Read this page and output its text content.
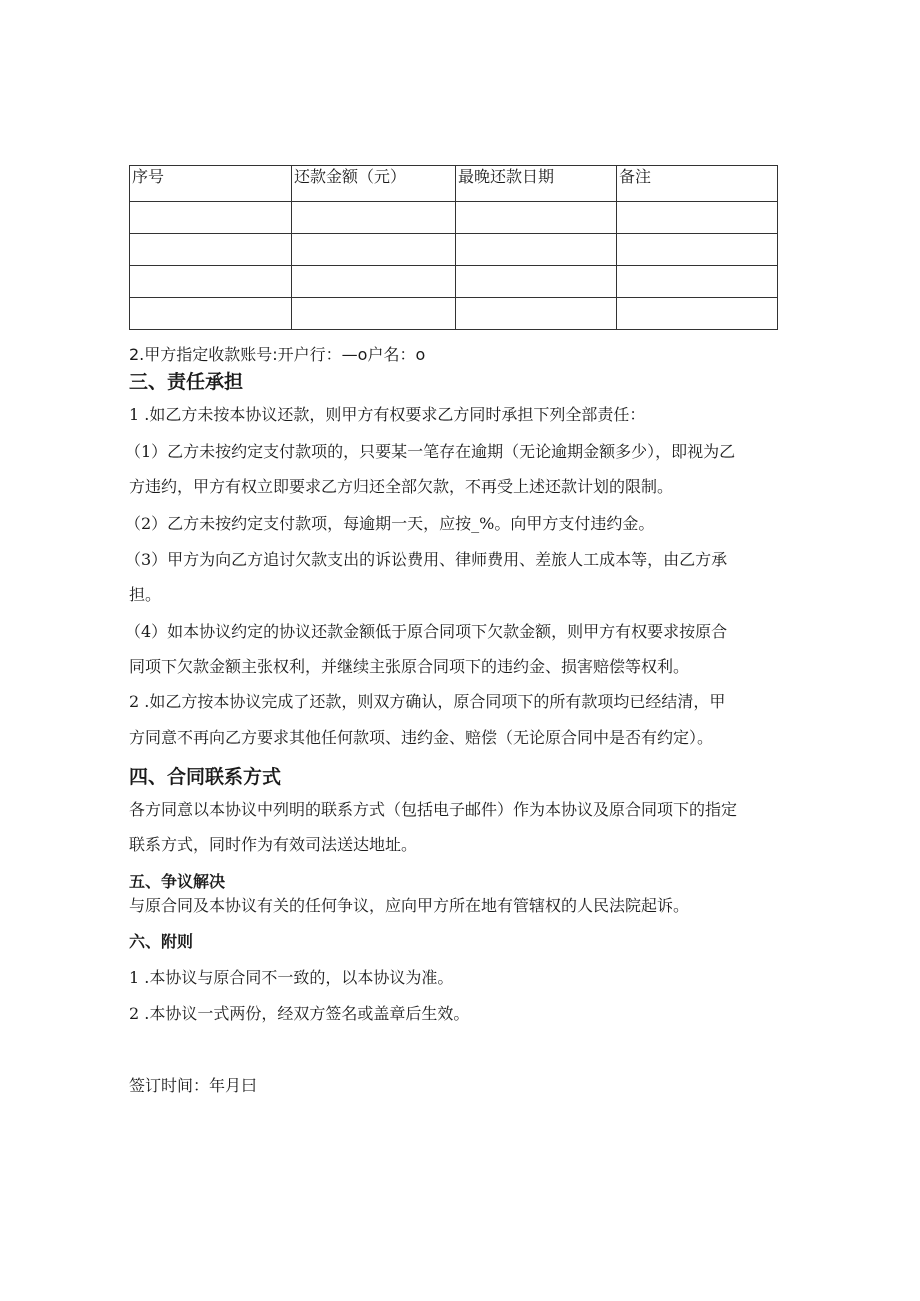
序号	还款金额（元）	最晚还款日期	备注

2.甲方指定收款账号:开户行：—o户名：o
三、责任承担
1 .如乙方未按本协议还款，则甲方有权要求乙方同时承担下列全部责任：
（1）乙方未按约定支付款项的，只要某一笔存在逾期（无论逾期金额多少），即视为乙
方违约，甲方有权立即要求乙方归还全部欠款，不再受上述还款计划的限制。
（2）乙方未按约定支付款项，每逾期一天，应按_%。向甲方支付违约金。
（3）甲方为向乙方追讨欠款支出的诉讼费用、律师费用、差旅人工成本等，由乙方承
担。
（4）如本协议约定的协议还款金额低于原合同项下欠款金额，则甲方有权要求按原合
同项下欠款金额主张权利，并继续主张原合同项下的违约金、损害赔偿等权利。
2 .如乙方按本协议完成了还款，则双方确认，原合同项下的所有款项均已经结清，甲
方同意不再向乙方要求其他任何款项、违约金、赔偿（无论原合同中是否有约定）。
四、合同联系方式
各方同意以本协议中列明的联系方式（包括电子邮件）作为本协议及原合同项下的指定
联系方式，同时作为有效司法送达地址。
五、争议解决
与原合同及本协议有关的任何争议，应向甲方所在地有管辖权的人民法院起诉。
六、附则
1 .本协议与原合同不一致的，以本协议为准。
2 .本协议一式两份，经双方签名或盖章后生效。
签订时间：年月曰
